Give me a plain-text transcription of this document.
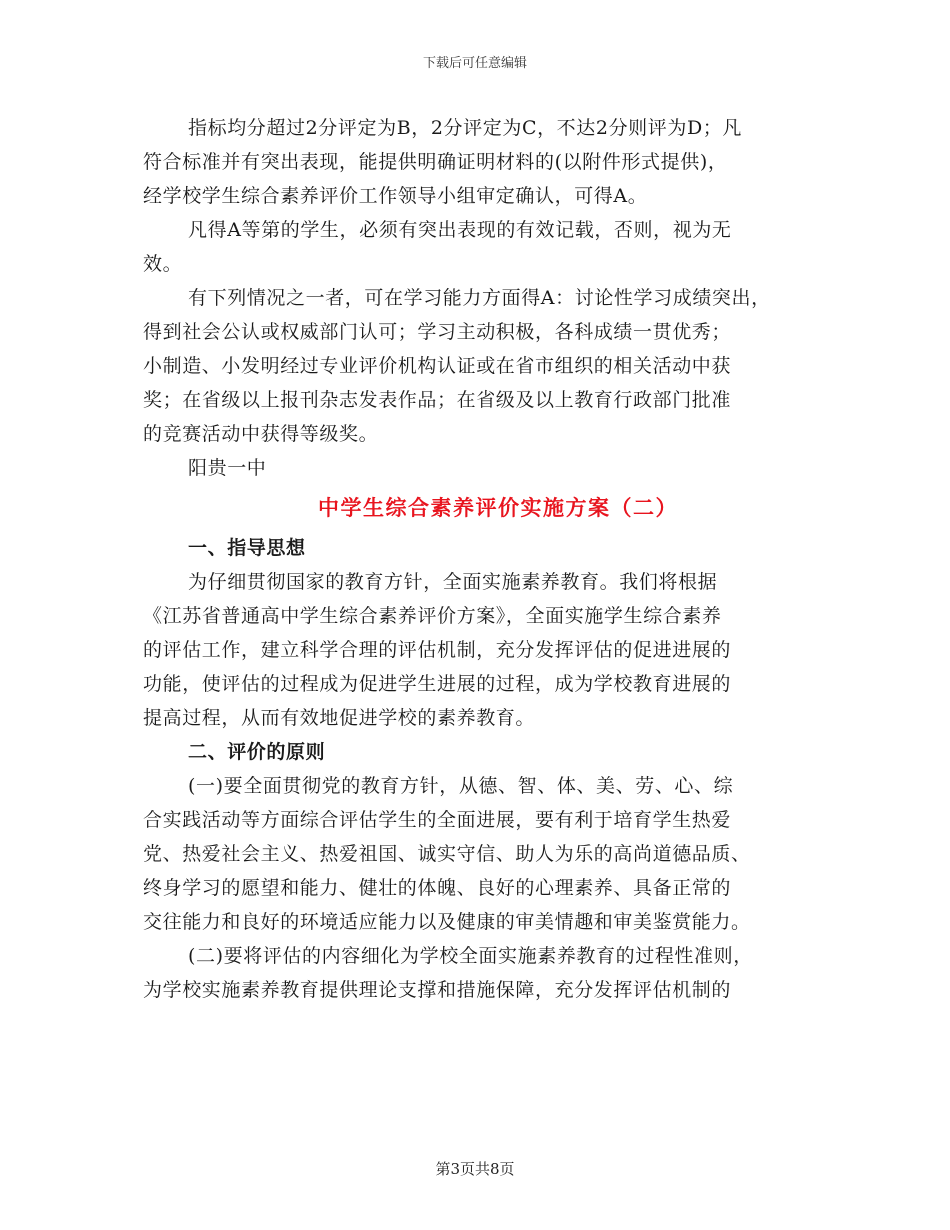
下载后可任意编辑
指标均分超过2分评定为B，2分评定为C，不达2分则评为D；凡
符合标准并有突出表现，能提供明确证明材料的(以附件形式提供)，
经学校学生综合素养评价工作领导小组审定确认，可得A。
凡得A等第的学生，必须有突出表现的有效记载，否则，视为无
效。
有下列情况之一者，可在学习能力方面得A：讨论性学习成绩突出，
得到社会公认或权威部门认可；学习主动积极，各科成绩一贯优秀；
小制造、小发明经过专业评价机构认证或在省市组织的相关活动中获
奖；在省级以上报刊杂志发表作品；在省级及以上教育行政部门批准
的竞赛活动中获得等级奖。
阳贵一中
中学生综合素养评价实施方案（二）
一、指导思想
为仔细贯彻国家的教育方针，全面实施素养教育。我们将根据
《江苏省普通高中学生综合素养评价方案》，全面实施学生综合素养
的评估工作，建立科学合理的评估机制，充分发挥评估的促进进展的
功能，使评估的过程成为促进学生进展的过程，成为学校教育进展的
提高过程，从而有效地促进学校的素养教育。
二、评价的原则
(一)要全面贯彻党的教育方针，从德、智、体、美、劳、心、综
合实践活动等方面综合评估学生的全面进展，要有利于培育学生热爱
党、热爱社会主义、热爱祖国、诚实守信、助人为乐的高尚道德品质、
终身学习的愿望和能力、健壮的体魄、良好的心理素养、具备正常的
交往能力和良好的环境适应能力以及健康的审美情趣和审美鉴赏能力。
(二)要将评估的内容细化为学校全面实施素养教育的过程性准则，
为学校实施素养教育提供理论支撑和措施保障，充分发挥评估机制的
第3页共8页
